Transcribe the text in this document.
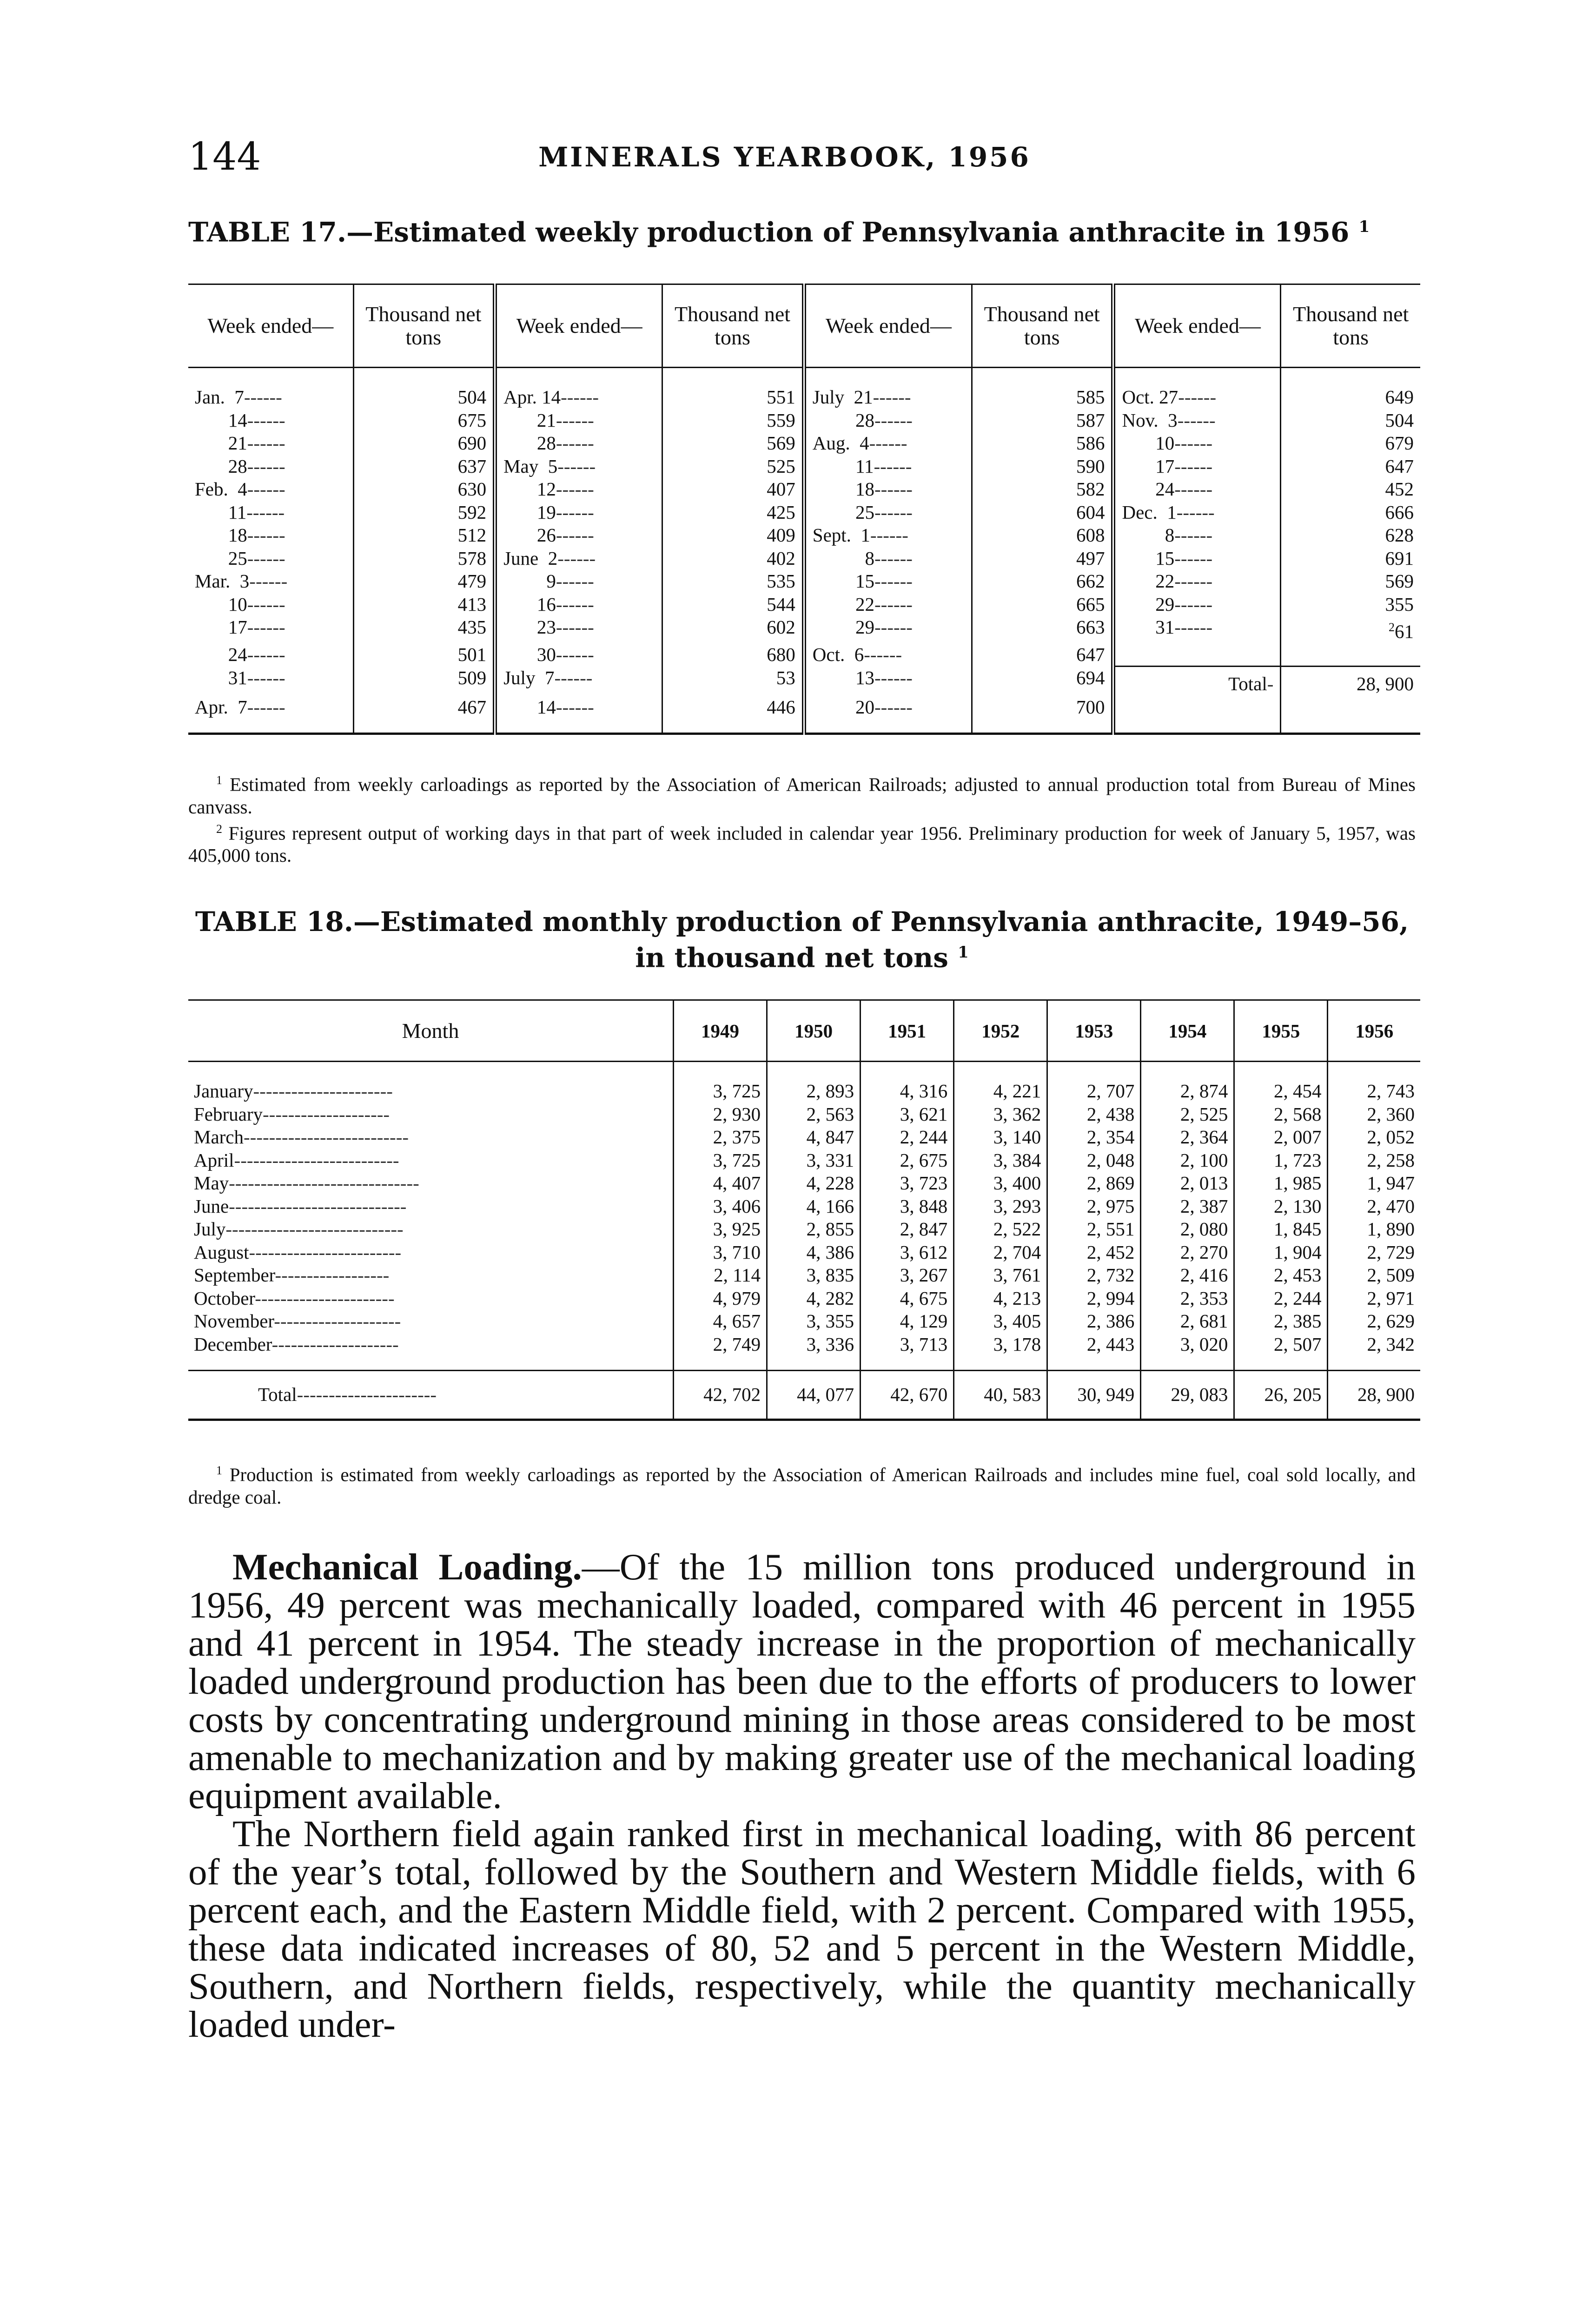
144	MINERALS YEARBOOK, 1956
TABLE 17.—Estimated weekly production of Pennsylvania anthracite in 1956 $^1$
Week ended—	Thousand net tons	Week ended—	Thousand net tons	Week ended—	Thousand net tons	Week ended—	Thousand net tons
Jan.  7------	504	Apr. 14------	551	July  21------	585	Oct. 27------	649
14------	675	21------	559	28------	587	Nov.  3------	504
21------	690	28------	569	Aug.  4------	586	10------	679
28------	637	May  5------	525	11------	590	17------	647
Feb.  4------	630	12------	407	18------	582	24------	452
11------	592	19------	425	25------	604	Dec.  1------	666
18------	512	26------	409	Sept.  1------	608	8------	628
25------	578	June  2------	402	8------	497	15------	691
Mar.  3------	479	9------	535	15------	662	22------	569
10------	413	16------	544	22------	665	29------	355
17------	435	23------	602	29------	663	31------	$^2$61
24------	501	30------	680	Oct.  6------	647		
31------	509	July  7------	53	13------	694	Total-	28, 900
Apr.  7------	467	14------	446	20------	700		

$^1$ Estimated from weekly carloadings as reported by the Association of American Railroads; adjusted to annual production total from Bureau of Mines canvass.

$^2$ Figures represent output of working days in that part of week included in calendar year 1956. Preliminary production for week of January 5, 1957, was 405,000 tons.

TABLE 18.—Estimated monthly production of Pennsylvania anthracite, 1949–56,
in thousand net tons $^1$
Month	1949	1950	1951	1952	1953	1954	1955	1956
January----------------------	3, 725	2, 893	4, 316	4, 221	2, 707	2, 874	2, 454	2, 743
February--------------------	2, 930	2, 563	3, 621	3, 362	2, 438	2, 525	2, 568	2, 360
March--------------------------	2, 375	4, 847	2, 244	3, 140	2, 354	2, 364	2, 007	2, 052
April--------------------------	3, 725	3, 331	2, 675	3, 384	2, 048	2, 100	1, 723	2, 258
May------------------------------	4, 407	4, 228	3, 723	3, 400	2, 869	2, 013	1, 985	1, 947
June----------------------------	3, 406	4, 166	3, 848	3, 293	2, 975	2, 387	2, 130	2, 470
July----------------------------	3, 925	2, 855	2, 847	2, 522	2, 551	2, 080	1, 845	1, 890
August------------------------	3, 710	4, 386	3, 612	2, 704	2, 452	2, 270	1, 904	2, 729
September------------------	2, 114	3, 835	3, 267	3, 761	2, 732	2, 416	2, 453	2, 509
October----------------------	4, 979	4, 282	4, 675	4, 213	2, 994	2, 353	2, 244	2, 971
November--------------------	4, 657	3, 355	4, 129	3, 405	2, 386	2, 681	2, 385	2, 629
December--------------------	2, 749	3, 336	3, 713	3, 178	2, 443	3, 020	2, 507	2, 342
Total----------------------	42, 702	44, 077	42, 670	40, 583	30, 949	29, 083	26, 205	28, 900

$^1$ Production is estimated from weekly carloadings as reported by the Association of American Railroads and includes mine fuel, coal sold locally, and dredge coal.

Mechanical Loading.—Of the 15 million tons produced underground in 1956, 49 percent was mechanically loaded, compared with 46 percent in 1955 and 41 percent in 1954. The steady increase in the proportion of mechanically loaded underground production has been due to the efforts of producers to lower costs by concentrating underground mining in those areas considered to be most amenable to mechanization and by making greater use of the mechanical loading equipment available.

The Northern field again ranked first in mechanical loading, with 86 percent of the year’s total, followed by the Southern and Western Middle fields, with 6 percent each, and the Eastern Middle field, with 2 percent. Compared with 1955, these data indicated increases of 80, 52 and 5 percent in the Western Middle, Southern, and Northern fields, respectively, while the quantity mechanically loaded under-
